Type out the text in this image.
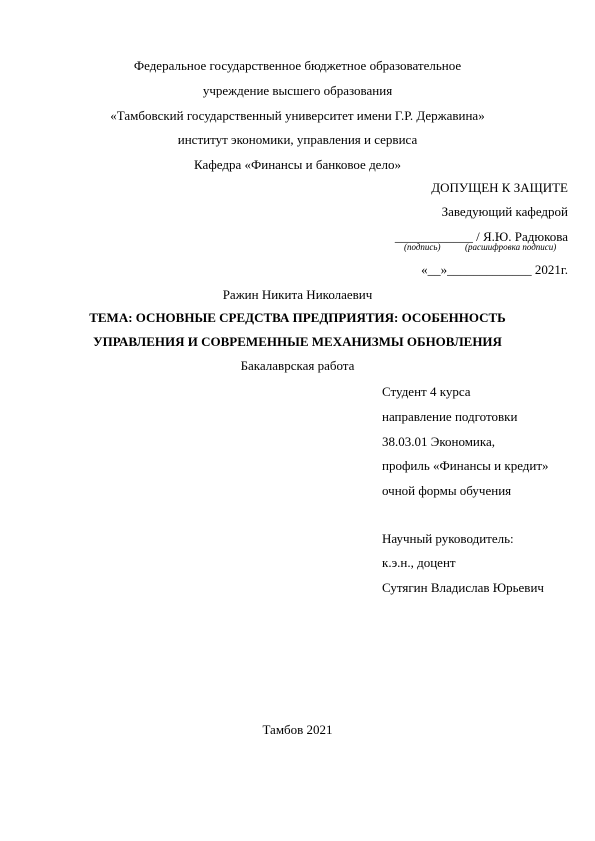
Федеральное государственное бюджетное образовательное
учреждение высшего образования
«Тамбовский государственный университет имени Г.Р. Державина»
институт экономики, управления и сервиса
Кафедра «Финансы и банковое дело»
ДОПУЩЕН К ЗАЩИТЕ
Заведующий кафедрой
____________ / Я.Ю. Радюкова
(подпись)	(расшифровка подписи)
«__»_____________ 2021г.
Ражин Никита Николаевич
ТЕМА: ОСНОВНЫЕ СРЕДСТВА ПРЕДПРИЯТИЯ: ОСОБЕННОСТЬ
УПРАВЛЕНИЯ И СОВРЕМЕННЫЕ МЕХАНИЗМЫ ОБНОВЛЕНИЯ
Бакалаврская работа
Студент 4 курса
направление подготовки
38.03.01 Экономика,
профиль «Финансы и кредит»
очной формы обучения
Научный руководитель:
к.э.н., доцент
Сутягин Владислав Юрьевич
Тамбов 2021
